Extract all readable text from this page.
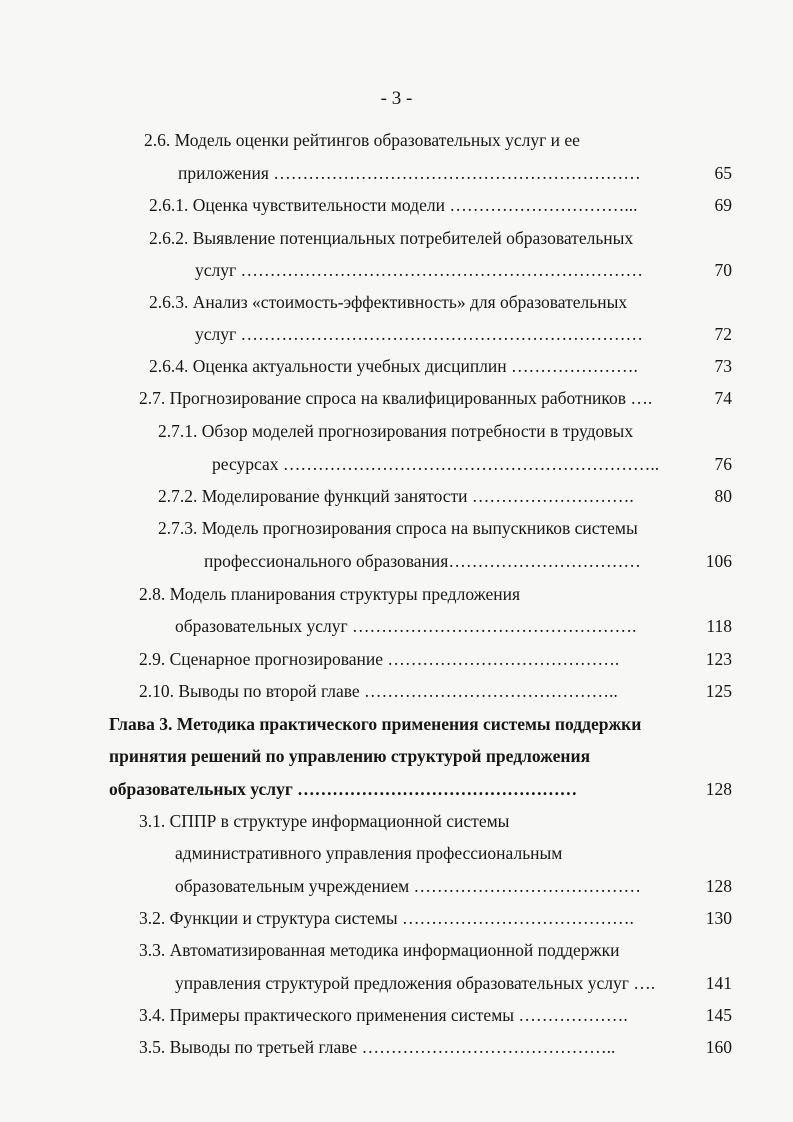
- 3 -
2.6. Модель оценки рейтингов образовательных услуг и ее
приложения ………………………………………………………	65
2.6.1. Оценка чувствительности модели …………………………...	69
2.6.2. Выявление потенциальных потребителей образовательных
услуг ……………………………………………………………	70
2.6.3. Анализ «стоимость-эффективность» для образовательных
услуг ……………………………………………………………	72
2.6.4. Оценка актуальности учебных дисциплин ………………….	73
2.7. Прогнозирование спроса на квалифицированных работников ….	74
2.7.1. Обзор моделей прогнозирования потребности в трудовых
ресурсах ………………………………………………………..	76
2.7.2. Моделирование функций занятости ……………………….	80
2.7.3. Модель прогнозирования спроса на выпускников системы
профессионального образования……………………………	106
2.8. Модель планирования структуры предложения
образовательных услуг ………………………………………….	118
2.9. Сценарное прогнозирование ………………………………….	123
2.10. Выводы по второй главе ……………………………………..	125
Глава 3. Методика практического применения системы поддержки
принятия решений по управлению структурой предложения
образовательных услуг …………………………………………	128
3.1. СППР в структуре информационной системы
административного управления профессиональным
образовательным учреждением …………………………………	128
3.2. Функции и структура системы ………………………………….	130
3.3. Автоматизированная методика информационной поддержки
управления структурой предложения образовательных услуг ….	141
3.4. Примеры практического применения системы ……………….	145
3.5. Выводы по третьей главе ……………………………………..	160
